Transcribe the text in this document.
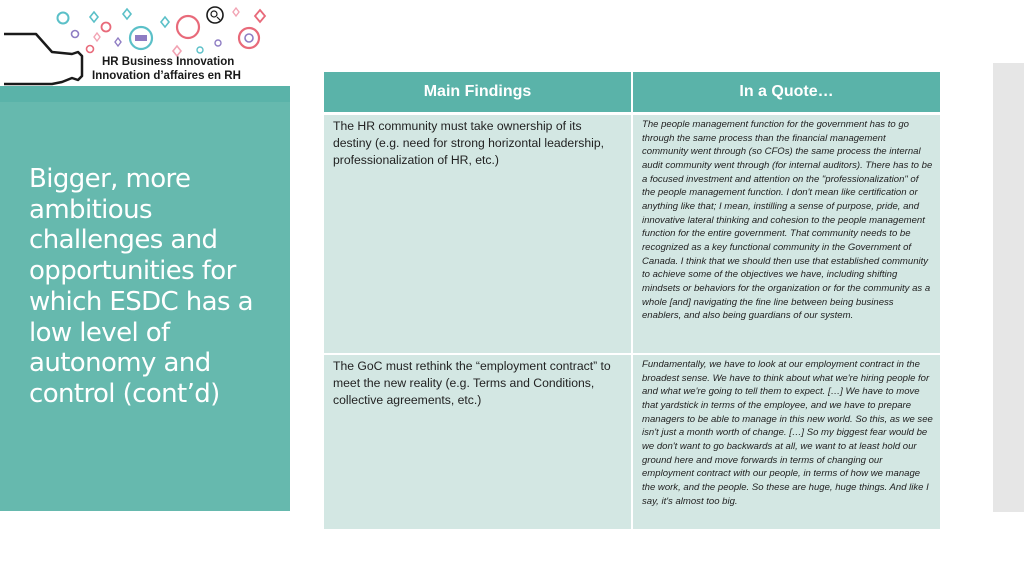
HR Business Innovation
Innovation d’affaires en RH
Bigger, more ambitious challenges and opportunities for which ESDC has a low level of autonomy and control (cont’d)
Main Findings	In a Quote…

The HR community must take ownership of its destiny (e.g. need for strong horizontal leadership, professionalization of HR, etc.)	The people management function for the government has to go through the same process than the financial management community went through (so CFOs) the same process the internal audit community went through (for internal auditors). There has to be a focused investment and attention on the "professionalization" of the people management function. I don't mean like certification or anything like that; I mean, instilling a sense of purpose, pride, and innovative lateral thinking and cohesion to the people management function for the entire government. That community needs to be recognized as a key functional community in the Government of Canada. I think that we should then use that established community to achieve some of the objectives we have, including shifting mindsets or behaviors for the organization or for the community as a whole [and] navigating the fine line between being business enablers, and also being guardians of our system.

The GoC must rethink the “employment contract” to meet the new reality (e.g. Terms and Conditions, collective agreements, etc.)	Fundamentally, we have to look at our employment contract in the broadest sense. We have to think about what we're hiring people for and what we're going to tell them to expect. […] We have to move that yardstick in terms of the employee, and we have to prepare managers to be able to manage in this new world. So this, as we see isn't just a month worth of change. […] So my biggest fear would be we don't want to go backwards at all, we want to at least hold our ground here and move forwards in terms of changing our employment contract with our people, in terms of how we manage the work, and the people. So these are huge, huge things. And like I say, it's almost too big.
